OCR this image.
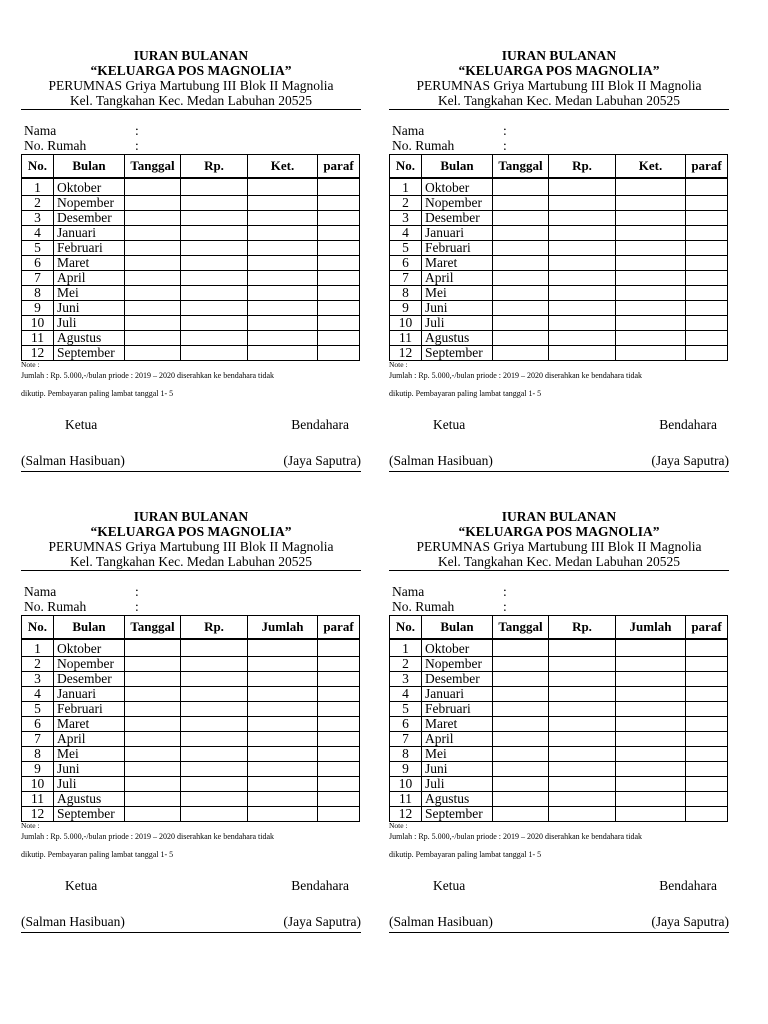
IURAN BULANAN
“KELUARGA POS MAGNOLIA”
PERUMNAS Griya Martubung III Blok II Magnolia
Kel. Tangkahan Kec. Medan Labuhan 20525
Nama	:
No. Rumah	:
No.	Bulan	Tanggal	Rp.	Ket.	paraf
1	Oktober				
2	Nopember				
3	Desember				
4	Januari				
5	Februari				
6	Maret				
7	April				
8	Mei				
9	Juni				
10	Juli				
11	Agustus				
12	September				
Note :
Jumlah : Rp. 5.000,-/bulan priode : 2019 – 2020 diserahkan ke bendahara tidak
dikutip. Pembayaran paling lambat tanggal 1- 5
Ketua	Bendahara
(Salman Hasibuan)	(Jaya Saputra)
IURAN BULANAN
“KELUARGA POS MAGNOLIA”
PERUMNAS Griya Martubung III Blok II Magnolia
Kel. Tangkahan Kec. Medan Labuhan 20525
Nama	:
No. Rumah	:
No.	Bulan	Tanggal	Rp.	Ket.	paraf
1	Oktober				
2	Nopember				
3	Desember				
4	Januari				
5	Februari				
6	Maret				
7	April				
8	Mei				
9	Juni				
10	Juli				
11	Agustus				
12	September				
Note :
Jumlah : Rp. 5.000,-/bulan priode : 2019 – 2020 diserahkan ke bendahara tidak
dikutip. Pembayaran paling lambat tanggal 1- 5
Ketua	Bendahara
(Salman Hasibuan)	(Jaya Saputra)
IURAN BULANAN
“KELUARGA POS MAGNOLIA”
PERUMNAS Griya Martubung III Blok II Magnolia
Kel. Tangkahan Kec. Medan Labuhan 20525
Nama	:
No. Rumah	:
No.	Bulan	Tanggal	Rp.	Jumlah	paraf
1	Oktober				
2	Nopember				
3	Desember				
4	Januari				
5	Februari				
6	Maret				
7	April				
8	Mei				
9	Juni				
10	Juli				
11	Agustus				
12	September				
Note :
Jumlah : Rp. 5.000,-/bulan priode : 2019 – 2020 diserahkan ke bendahara tidak
dikutip. Pembayaran paling lambat tanggal 1- 5
Ketua	Bendahara
(Salman Hasibuan)	(Jaya Saputra)
IURAN BULANAN
“KELUARGA POS MAGNOLIA”
PERUMNAS Griya Martubung III Blok II Magnolia
Kel. Tangkahan Kec. Medan Labuhan 20525
Nama	:
No. Rumah	:
No.	Bulan	Tanggal	Rp.	Jumlah	paraf
1	Oktober				
2	Nopember				
3	Desember				
4	Januari				
5	Februari				
6	Maret				
7	April				
8	Mei				
9	Juni				
10	Juli				
11	Agustus				
12	September				
Note :
Jumlah : Rp. 5.000,-/bulan priode : 2019 – 2020 diserahkan ke bendahara tidak
dikutip. Pembayaran paling lambat tanggal 1- 5
Ketua	Bendahara
(Salman Hasibuan)	(Jaya Saputra)
